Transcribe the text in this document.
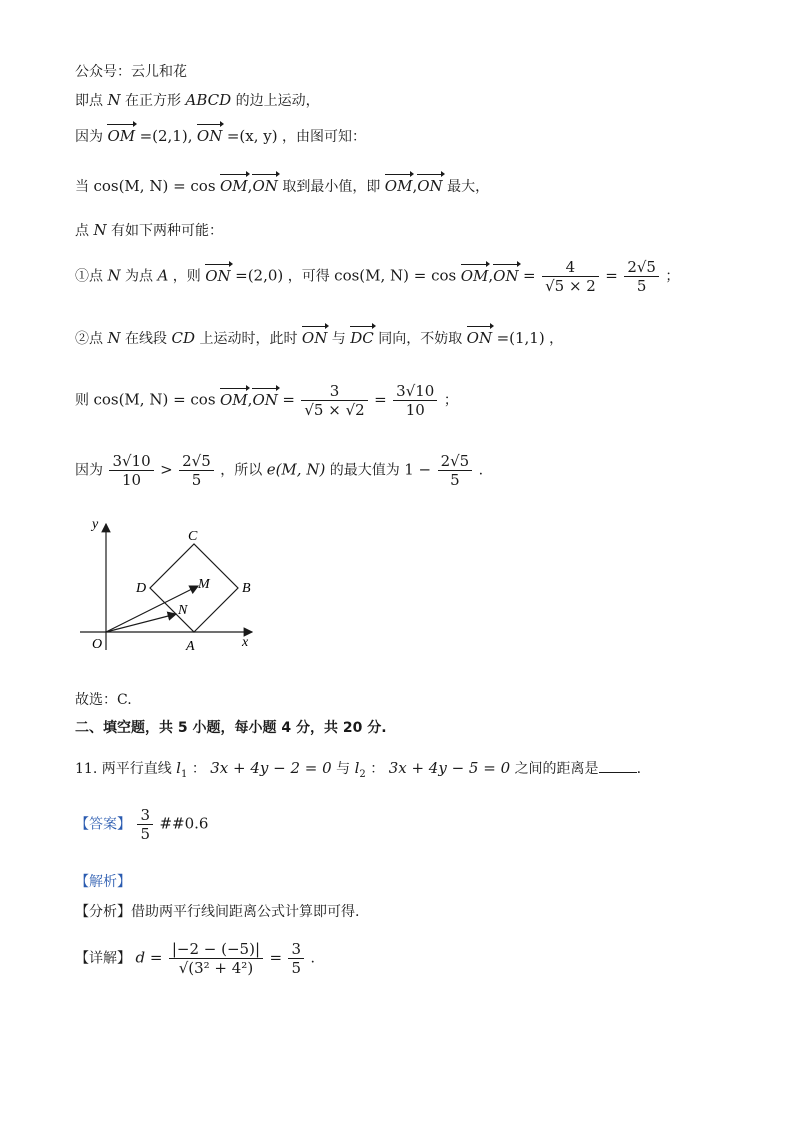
公众号：云儿和花
即点 N 在正方形 ABCD 的边上运动，
因为 OM =(2,1), ON =(x, y) ，由图可知：
当 cos(M, N) = cos OM,ON 取到最小值，即 OM,ON 最大，
点 N 有如下两种可能：
①点 N 为点 A ，则 ON =(2,0) ，可得 cos(M, $N) = \cos OM,ON = \frac{4}{√5 \times 2} = \frac{2√5}{5}$ ；
②点 N 在线段 CD 上运动时，此时 ON 与 DC 同向，不妨取 ON =(1,1) ，
则 cos(M, $N) = \cos OM,ON = \frac{3}{√5 \times √2} = \frac{3√10}{10}$ ；
因为 $\frac{3√10}{10} > \frac{2√5}{5}$ ，所以 e(M, N) 的最大值为 $1 - \frac{2√5}{5}$ .
y
x
O	A
B
C
D	M
N
故选：C.
二、填空题，共 5 小题，每小题 4 分，共 20 分.
11. 两平行直线 $l_1$ ： 3x + 4y − 2 = 0 与 $l_2$ ： 3x + 4y − 5 = 0 之间的距离是	.
【答案】 $\frac{3}{5}$ ##0.6
【解析】
【分析】借助两平行线间距离公式计算即可得.
【详解】 $d = \frac{|-2 - (-5)|}{\text{√(3² + 4²)}} = \frac{3}{5}$ .
